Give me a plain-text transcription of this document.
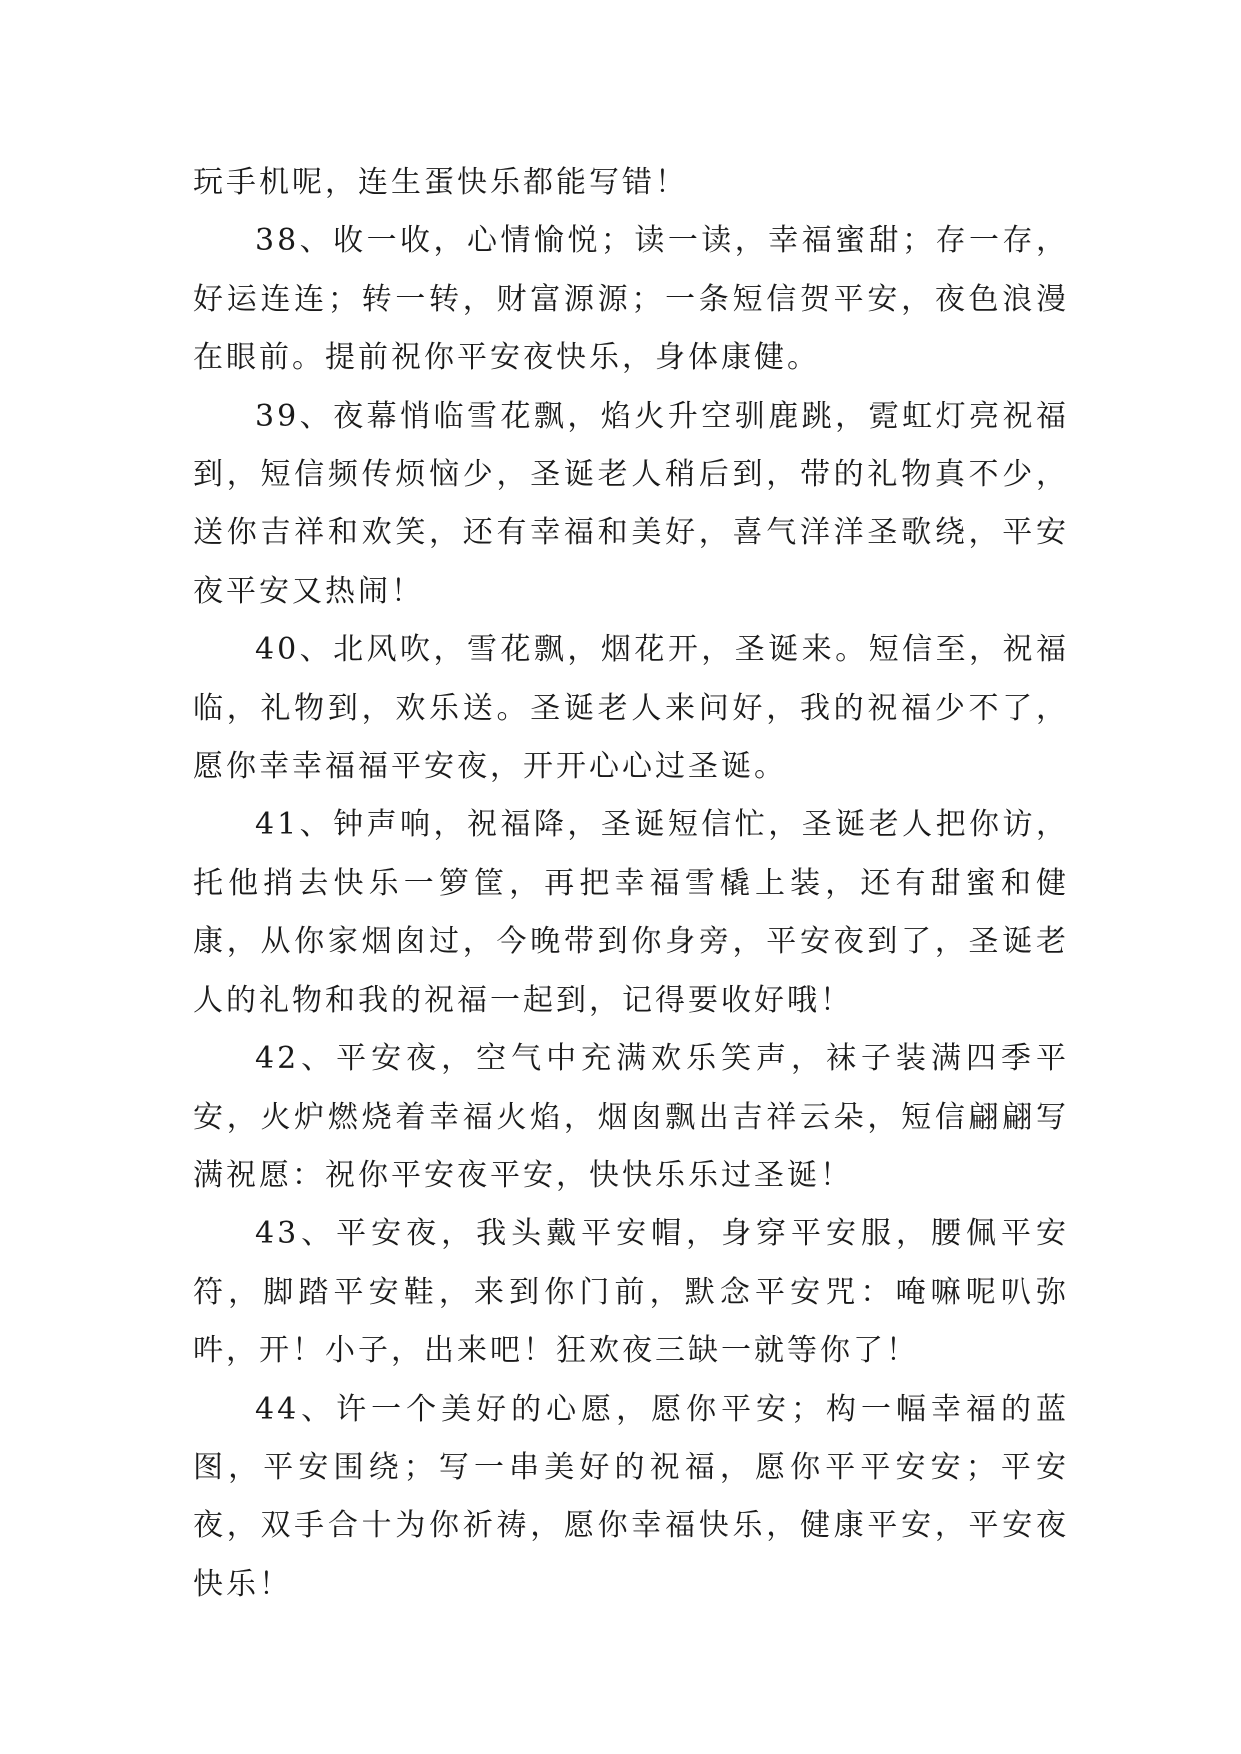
玩手机呢，连生蛋快乐都能写错！

38、收一收，心情愉悦；读一读，幸福蜜甜；存一存，好运连连；转一转，财富源源；一条短信贺平安，夜色浪漫在眼前。提前祝你平安夜快乐，身体康健。

39、夜幕悄临雪花飘，焰火升空驯鹿跳，霓虹灯亮祝福到，短信频传烦恼少，圣诞老人稍后到，带的礼物真不少，送你吉祥和欢笑，还有幸福和美好，喜气洋洋圣歌绕，平安夜平安又热闹！

40、北风吹，雪花飘，烟花开，圣诞来。短信至，祝福临，礼物到，欢乐送。圣诞老人来问好，我的祝福少不了，愿你幸幸福福平安夜，开开心心过圣诞。

41、钟声响，祝福降，圣诞短信忙，圣诞老人把你访，托他捎去快乐一箩筐，再把幸福雪橇上装，还有甜蜜和健康，从你家烟囱过，今晚带到你身旁，平安夜到了，圣诞老人的礼物和我的祝福一起到，记得要收好哦！

42、平安夜，空气中充满欢乐笑声，袜子装满四季平安，火炉燃烧着幸福火焰，烟囱飘出吉祥云朵，短信翩翩写满祝愿：祝你平安夜平安，快快乐乐过圣诞！

43、平安夜，我头戴平安帽，身穿平安服，腰佩平安符，脚踏平安鞋，来到你门前，默念平安咒：唵嘛呢叭弥吽，开！小子，出来吧！狂欢夜三缺一就等你了！

44、许一个美好的心愿，愿你平安；构一幅幸福的蓝图，平安围绕；写一串美好的祝福，愿你平平安安；平安夜，双手合十为你祈祷，愿你幸福快乐，健康平安，平安夜快乐！
